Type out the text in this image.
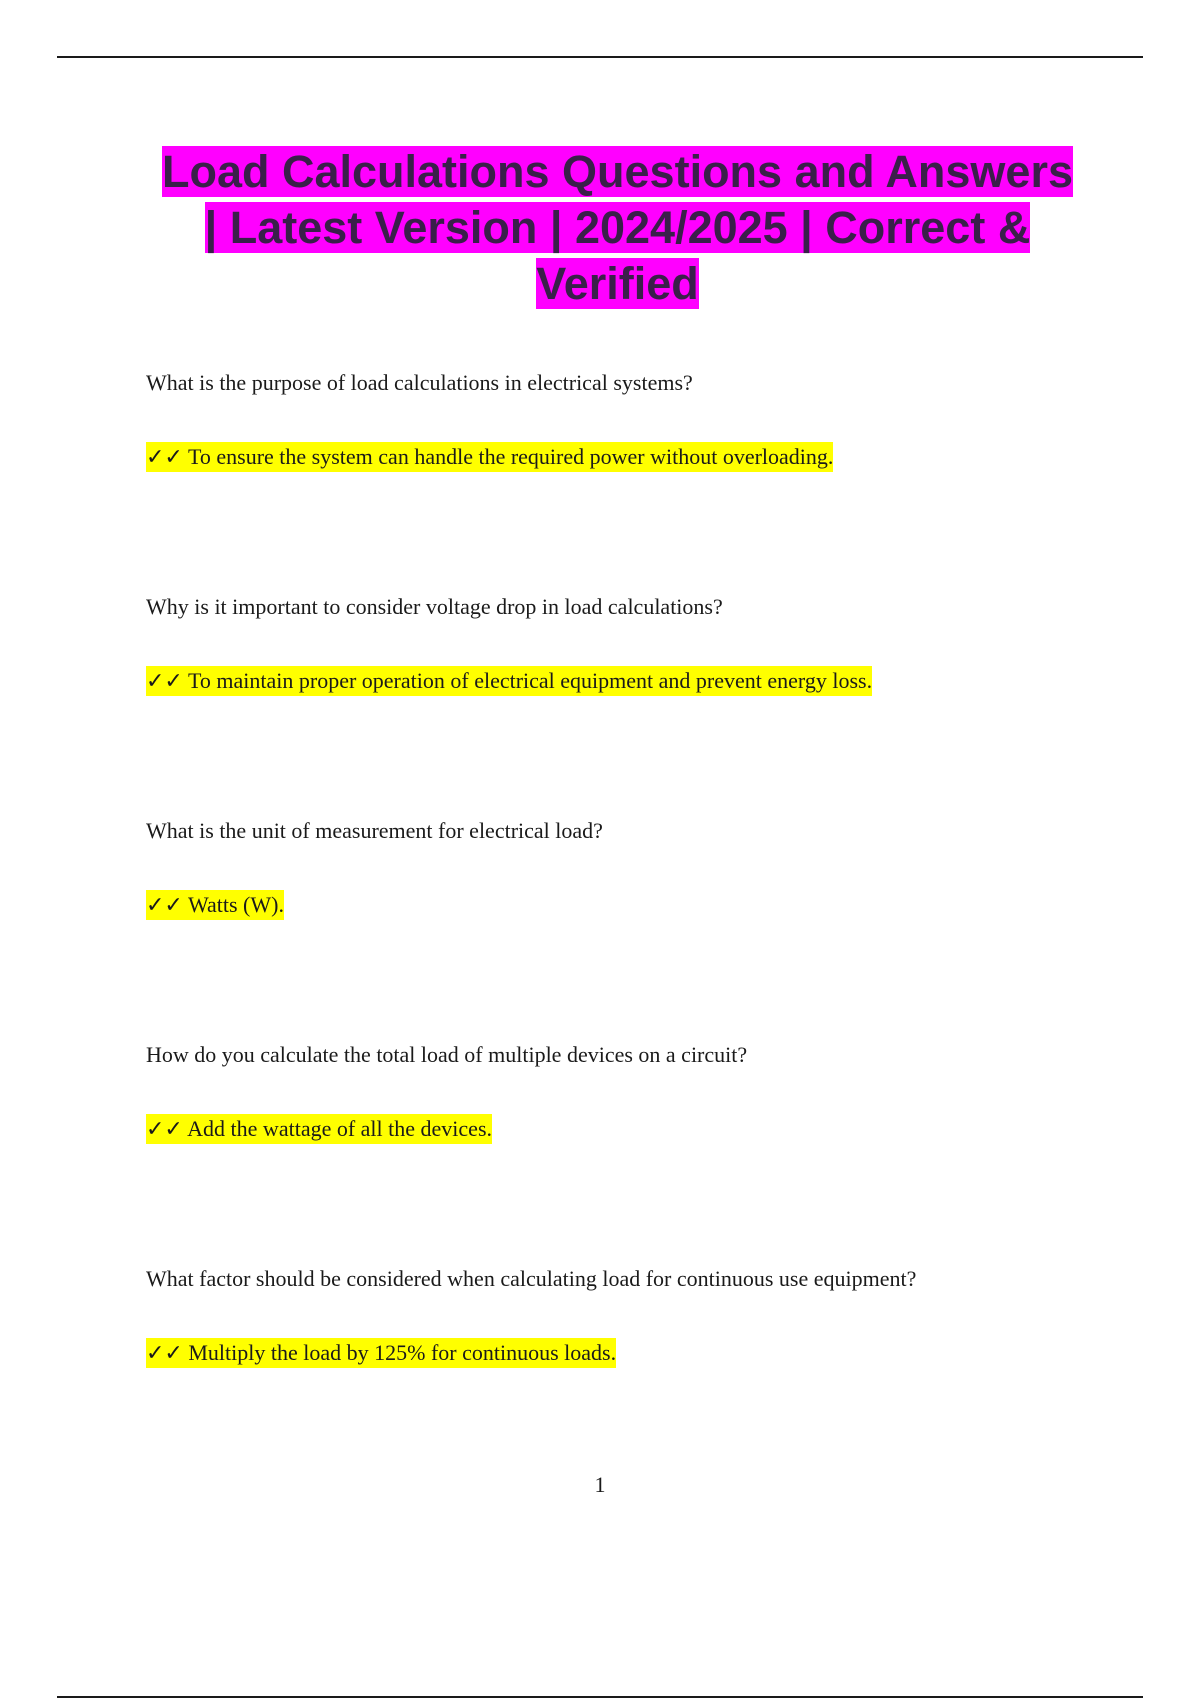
Load Calculations Questions and Answers | Latest Version | 2024/2025 | Correct & Verified

What is the purpose of load calculations in electrical systems?

✓✓ To ensure the system can handle the required power without overloading.

Why is it important to consider voltage drop in load calculations?

✓✓ To maintain proper operation of electrical equipment and prevent energy loss.

What is the unit of measurement for electrical load?

✓✓ Watts (W).

How do you calculate the total load of multiple devices on a circuit?

✓✓ Add the wattage of all the devices.

What factor should be considered when calculating load for continuous use equipment?

✓✓ Multiply the load by 125% for continuous loads.
1
